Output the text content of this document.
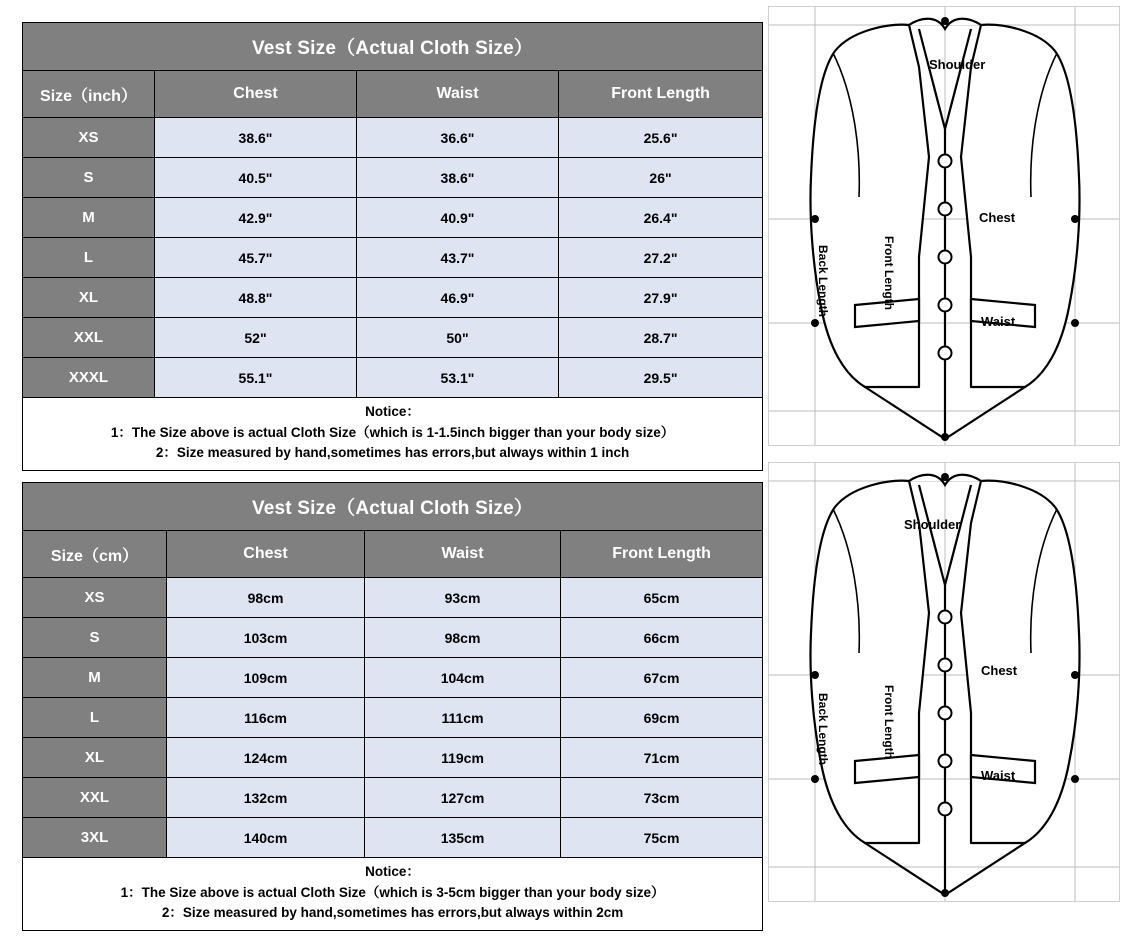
Vest Size（Actual Cloth Size）			
Size（inch）	Chest	Waist	Front Length
XS	38.6"	36.6"	25.6"
S	40.5"	38.6"	26"
M	42.9"	40.9"	26.4"
L	45.7"	43.7"	27.2"
XL	48.8"	46.9"	27.9"
XXL	52"	50"	28.7"
XXXL	55.1"	53.1"	29.5"

Notice：
1：The Size above is actual Cloth Size（which is 1-1.5inch bigger than your body size）
2：Size measured by hand,sometimes has errors,but always within 1 inch			
Shoulder
Chest
Waist
Back Length	Front Length
Vest Size（Actual Cloth Size）			
Size（cm）	Chest	Waist	Front Length
XS	98cm	93cm	65cm
S	103cm	98cm	66cm
M	109cm	104cm	67cm
L	116cm	111cm	69cm
XL	124cm	119cm	71cm
XXL	132cm	127cm	73cm
3XL	140cm	135cm	75cm

Notice：
1：The Size above is actual Cloth Size（which is 3-5cm bigger than your body size）
2：Size measured by hand,sometimes has errors,but always within 2cm			
Shoulder
Chest
Waist
Back Length	Front Length
